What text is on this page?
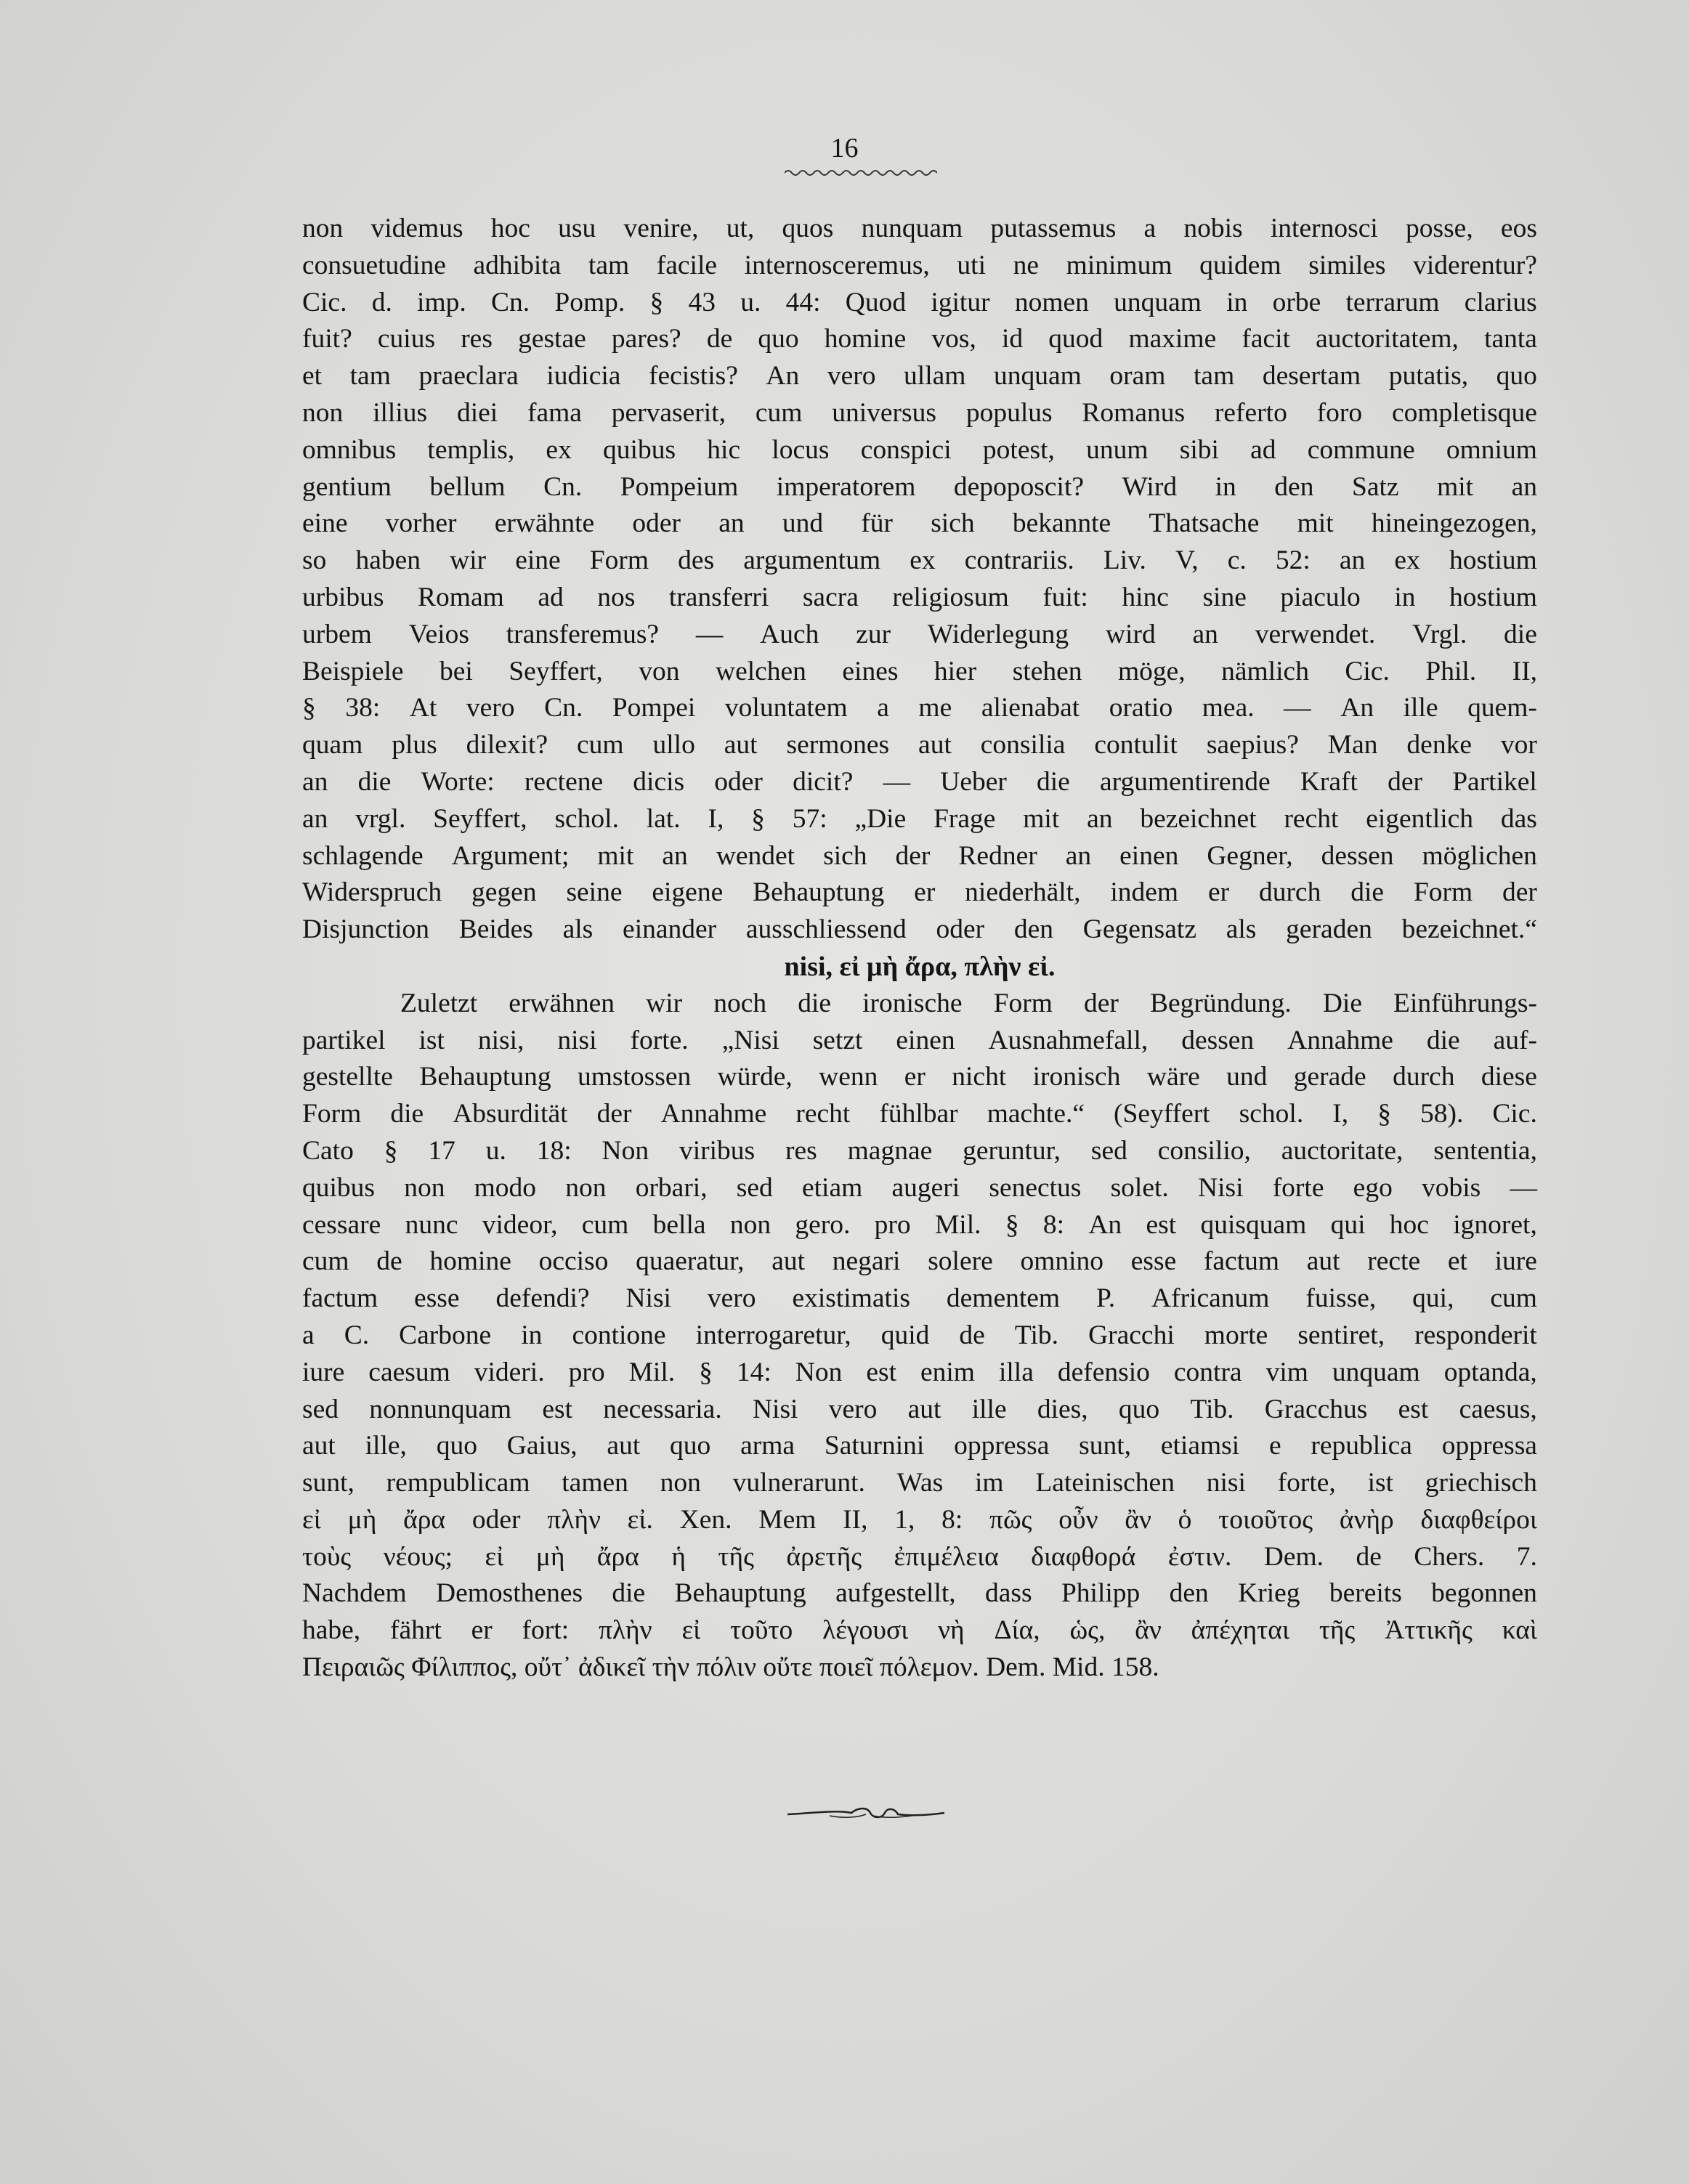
16
non videmus hoc usu venire, ut, quos nunquam putassemus a nobis internosci posse, eos
consuetudine adhibita tam facile internosceremus, uti ne minimum quidem similes viderentur?
Cic. d. imp. Cn. Pomp. § 43 u. 44: Quod igitur nomen unquam in orbe terrarum clarius
fuit? cuius res gestae pares? de quo homine vos, id quod maxime facit auctoritatem, tanta
et tam praeclara iudicia fecistis? An vero ullam unquam oram tam desertam putatis, quo
non illius diei fama pervaserit, cum universus populus Romanus referto foro completisque
omnibus templis, ex quibus hic locus conspici potest, unum sibi ad commune omnium
gentium bellum Cn. Pompeium imperatorem depoposcit? Wird in den Satz mit an
eine vorher erwähnte oder an und für sich bekannte Thatsache mit hineingezogen,
so haben wir eine Form des argumentum ex contrariis. Liv. V, c. 52: an ex hostium
urbibus Romam ad nos transferri sacra religiosum fuit: hinc sine piaculo in hostium
urbem Veios transferemus? — Auch zur Widerlegung wird an verwendet. Vrgl. die
Beispiele bei Seyffert, von welchen eines hier stehen möge, nämlich Cic. Phil. II,
§ 38: At vero Cn. Pompei voluntatem a me alienabat oratio mea. — An ille quem-
quam plus dilexit? cum ullo aut sermones aut consilia contulit saepius? Man denke vor
an die Worte: rectene dicis oder dicit? — Ueber die argumentirende Kraft der Partikel
an vrgl. Seyffert, schol. lat. I, § 57: „Die Frage mit an bezeichnet recht eigentlich das
schlagende Argument; mit an wendet sich der Redner an einen Gegner, dessen möglichen
Widerspruch gegen seine eigene Behauptung er niederhält, indem er durch die Form der
Disjunction Beides als einander ausschliessend oder den Gegensatz als geraden bezeichnet.“
nisi, εἰ μὴ ἄρα, πλὴν εἰ.
Zuletzt erwähnen wir noch die ironische Form der Begründung. Die Einführungs-
partikel ist nisi, nisi forte. „Nisi setzt einen Ausnahmefall, dessen Annahme die auf-
gestellte Behauptung umstossen würde, wenn er nicht ironisch wäre und gerade durch diese
Form die Absurdität der Annahme recht fühlbar machte.“ (Seyffert schol. I, § 58). Cic.
Cato § 17 u. 18: Non viribus res magnae geruntur, sed consilio, auctoritate, sententia,
quibus non modo non orbari, sed etiam augeri senectus solet. Nisi forte ego vobis —
cessare nunc videor, cum bella non gero. pro Mil. § 8: An est quisquam qui hoc ignoret,
cum de homine occiso quaeratur, aut negari solere omnino esse factum aut recte et iure
factum esse defendi? Nisi vero existimatis dementem P. Africanum fuisse, qui, cum
a C. Carbone in contione interrogaretur, quid de Tib. Gracchi morte sentiret, responderit
iure caesum videri. pro Mil. § 14: Non est enim illa defensio contra vim unquam optanda,
sed nonnunquam est necessaria. Nisi vero aut ille dies, quo Tib. Gracchus est caesus,
aut ille, quo Gaius, aut quo arma Saturnini oppressa sunt, etiamsi e republica oppressa
sunt, rempublicam tamen non vulnerarunt. Was im Lateinischen nisi forte, ist griechisch
εἰ μὴ ἄρα oder πλὴν εἰ. Xen. Mem II, 1, 8: πῶς οὖν ἂν ὁ τοιοῦτος ἀνὴρ διαφθείροι
τοὺς νέους; εἰ μὴ ἄρα ἡ τῆς ἀρετῆς ἐπιμέλεια διαφθορά ἐστιν. Dem. de Chers. 7.
Nachdem Demosthenes die Behauptung aufgestellt, dass Philipp den Krieg bereits begonnen
habe, fährt er fort: πλὴν εἰ τοῦτο λέγουσι νὴ Δία, ὡς, ἂν ἀπέχηται τῆς Ἀττικῆς καὶ
Πειραιῶς Φίλιππος, οὔτ᾽ ἀδικεῖ τὴν πόλιν οὔτε ποιεῖ πόλεμον. Dem. Mid. 158.
